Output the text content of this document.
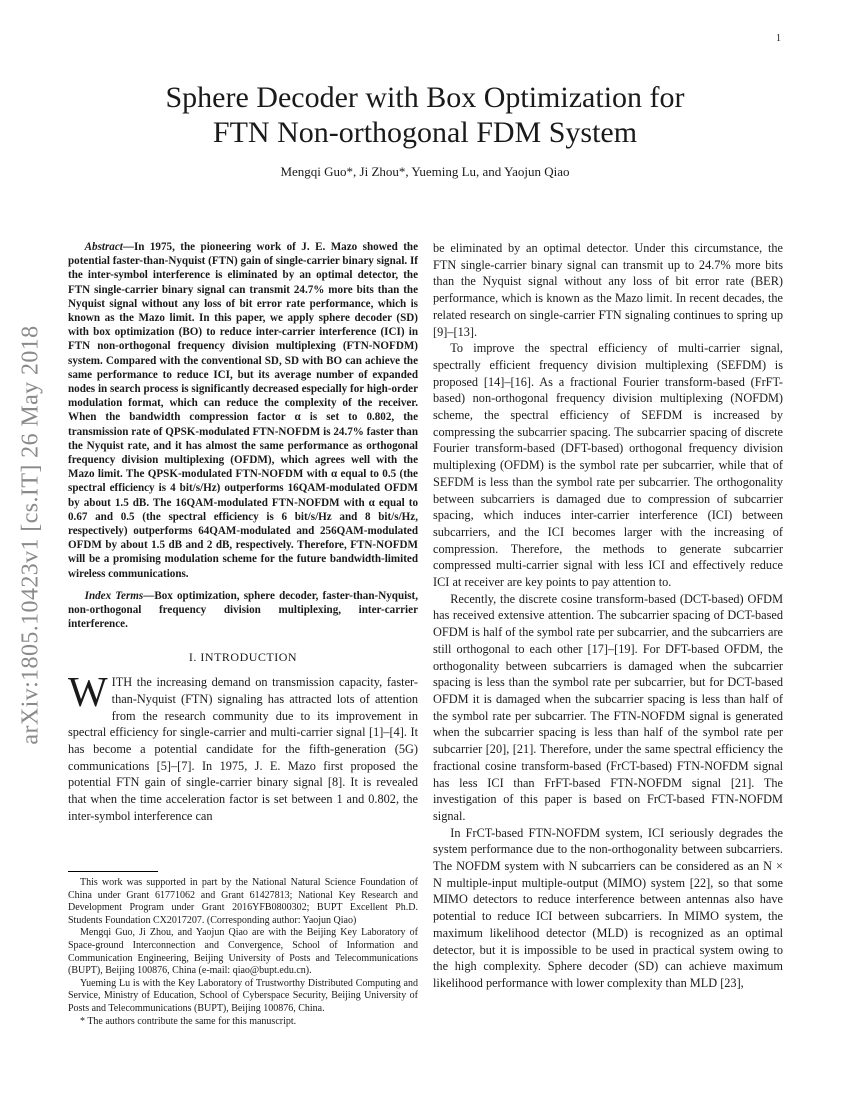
1
arXiv:1805.10423v1 [cs.IT] 26 May 2018
Sphere Decoder with Box Optimization for
FTN Non-orthogonal FDM System
Mengqi Guo*, Ji Zhou*, Yueming Lu, and Yaojun Qiao

Abstract—In 1975, the pioneering work of J. E. Mazo showed the potential faster-than-Nyquist (FTN) gain of single-carrier binary signal. If the inter-symbol interference is eliminated by an optimal detector, the FTN single-carrier binary signal can transmit 24.7% more bits than the Nyquist signal without any loss of bit error rate performance, which is known as the Mazo limit. In this paper, we apply sphere decoder (SD) with box optimization (BO) to reduce inter-carrier interference (ICI) in FTN non-orthogonal frequency division multiplexing (FTN-NOFDM) system. Compared with the conventional SD, SD with BO can achieve the same performance to reduce ICI, but its average number of expanded nodes in search process is significantly decreased especially for high-order modulation format, which can reduce the complexity of the receiver. When the bandwidth compression factor α is set to 0.802, the transmission rate of QPSK-modulated FTN-NOFDM is 24.7% faster than the Nyquist rate, and it has almost the same performance as orthogonal frequency division multiplexing (OFDM), which agrees well with the Mazo limit. The QPSK-modulated FTN-NOFDM with α equal to 0.5 (the spectral efficiency is 4 bit/s/Hz) outperforms 16QAM-modulated OFDM by about 1.5 dB. The 16QAM-modulated FTN-NOFDM with α equal to 0.67 and 0.5 (the spectral efficiency is 6 bit/s/Hz and 8 bit/s/Hz, respectively) outperforms 64QAM-modulated and 256QAM-modulated OFDM by about 1.5 dB and 2 dB, respectively. Therefore, FTN-NOFDM will be a promising modulation scheme for the future bandwidth-limited wireless communications.

Index Terms—Box optimization, sphere decoder, faster-than-Nyquist, non-orthogonal frequency division multiplexing, inter-carrier interference.

I. INTRODUCTION

WITH the increasing demand on transmission capacity, faster-than-Nyquist (FTN) signaling has attracted lots of attention from the research community due to its improvement in spectral efficiency for single-carrier and multi-carrier signal [1]–[4]. It has become a potential candidate for the fifth-generation (5G) communications [5]–[7]. In 1975, J. E. Mazo first proposed the potential FTN gain of single-carrier binary signal [8]. It is revealed that when the time acceleration factor is set between 1 and 0.802, the inter-symbol interference can

This work was supported in part by the National Natural Science Foundation of China under Grant 61771062 and Grant 61427813; National Key Research and Development Program under Grant 2016YFB0800302; BUPT Excellent Ph.D. Students Foundation CX2017207. (Corresponding author: Yaojun Qiao)

Mengqi Guo, Ji Zhou, and Yaojun Qiao are with the Beijing Key Laboratory of Space-ground Interconnection and Convergence, School of Information and Communication Engineering, Beijing University of Posts and Telecommunications (BUPT), Beijing 100876, China (e-mail: qiao@bupt.edu.cn).

Yueming Lu is with the Key Laboratory of Trustworthy Distributed Computing and Service, Ministry of Education, School of Cyberspace Security, Beijing University of Posts and Telecommunications (BUPT), Beijing 100876, China.

* The authors contribute the same for this manuscript.

be eliminated by an optimal detector. Under this circumstance, the FTN single-carrier binary signal can transmit up to 24.7% more bits than the Nyquist signal without any loss of bit error rate (BER) performance, which is known as the Mazo limit. In recent decades, the related research on single-carrier FTN signaling continues to spring up [9]–[13].

To improve the spectral efficiency of multi-carrier signal, spectrally efficient frequency division multiplexing (SEFDM) is proposed [14]–[16]. As a fractional Fourier transform-based (FrFT-based) non-orthogonal frequency division multiplexing (NOFDM) scheme, the spectral efficiency of SEFDM is increased by compressing the subcarrier spacing. The subcarrier spacing of discrete Fourier transform-based (DFT-based) orthogonal frequency division multiplexing (OFDM) is the symbol rate per subcarrier, while that of SEFDM is less than the symbol rate per subcarrier. The orthogonality between subcarriers is damaged due to compression of subcarrier spacing, which induces inter-carrier interference (ICI) between subcarriers, and the ICI becomes larger with the increasing of compression. Therefore, the methods to generate subcarrier compressed multi-carrier signal with less ICI and effectively reduce ICI at receiver are key points to pay attention to.

Recently, the discrete cosine transform-based (DCT-based) OFDM has received extensive attention. The subcarrier spacing of DCT-based OFDM is half of the symbol rate per subcarrier, and the subcarriers are still orthogonal to each other [17]–[19]. For DFT-based OFDM, the orthogonality between subcarriers is damaged when the subcarrier spacing is less than the symbol rate per subcarrier, but for DCT-based OFDM it is damaged when the subcarrier spacing is less than half of the symbol rate per subcarrier. The FTN-NOFDM signal is generated when the subcarrier spacing is less than half of the symbol rate per subcarrier [20], [21]. Therefore, under the same spectral efficiency the fractional cosine transform-based (FrCT-based) FTN-NOFDM signal has less ICI than FrFT-based FTN-NOFDM signal [21]. The investigation of this paper is based on FrCT-based FTN-NOFDM signal.

In FrCT-based FTN-NOFDM system, ICI seriously degrades the system performance due to the non-orthogonality between subcarriers. The NOFDM system with N subcarriers can be considered as an N × N multiple-input multiple-output (MIMO) system [22], so that some MIMO detectors to reduce interference between antennas also have potential to reduce ICI between subcarriers. In MIMO system, the maximum likelihood detector (MLD) is recognized as an optimal detector, but it is impossible to be used in practical system owing to the high complexity. Sphere decoder (SD) can achieve maximum likelihood performance with lower complexity than MLD [23],
